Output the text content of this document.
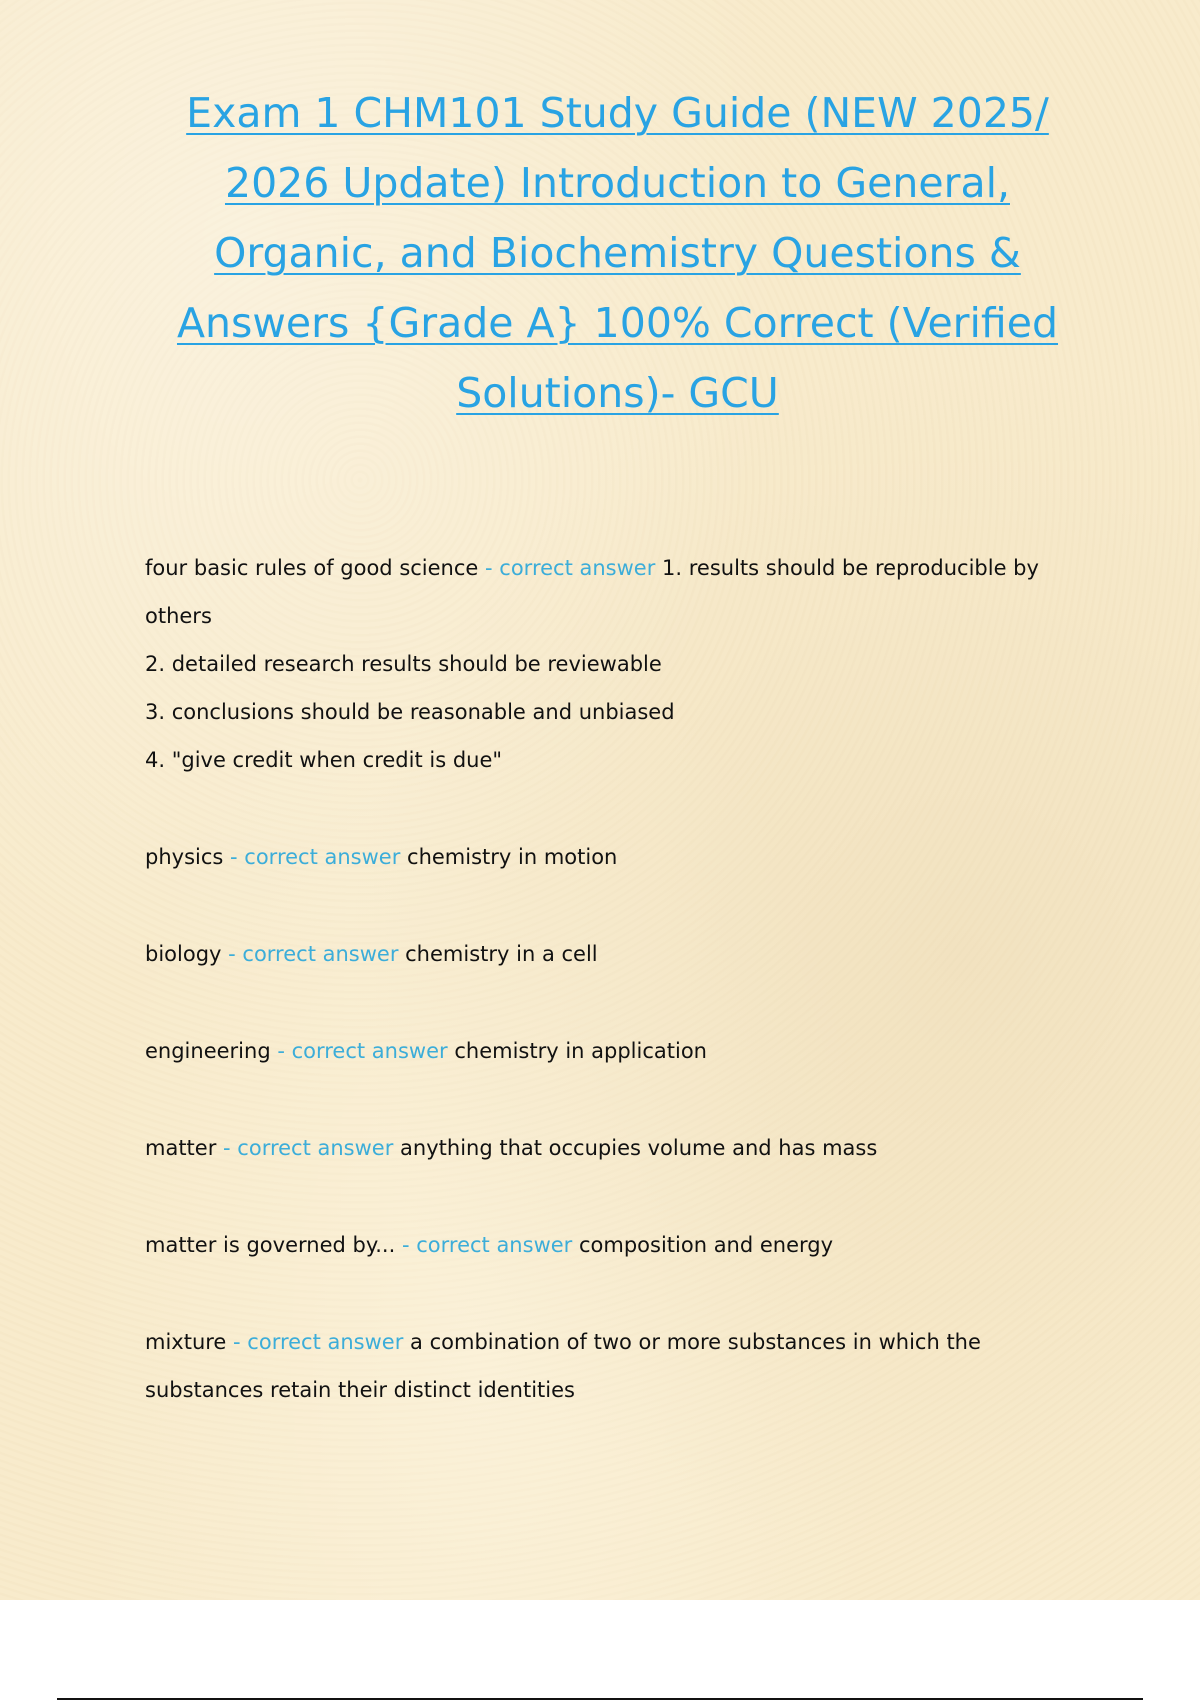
Exam 1 CHM101 Study Guide (NEW 2025/ 2026 Update) Introduction to General, Organic, and Biochemistry Questions & Answers {Grade A} 100% Correct (Verified Solutions)- GCU

four basic rules of good science - correct answer 1. results should be reproducible by others
2. detailed research results should be reviewable
3. conclusions should be reasonable and unbiased
4. "give credit when credit is due"

physics - correct answer chemistry in motion

biology - correct answer chemistry in a cell

engineering - correct answer chemistry in application

matter - correct answer anything that occupies volume and has mass

matter is governed by... - correct answer composition and energy

mixture - correct answer a combination of two or more substances in which the substances retain their distinct identities
